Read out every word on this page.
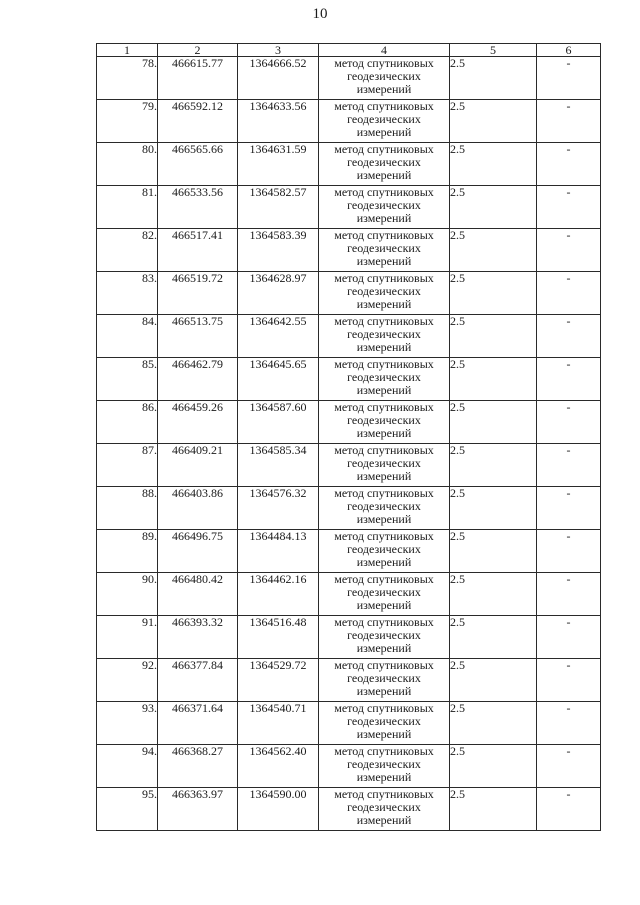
10
1	2	3	4	5	6
78.	466615.77	1364666.52	метод спутниковых геодезических измерений	2.5	-
79.	466592.12	1364633.56	метод спутниковых геодезических измерений	2.5	-
80.	466565.66	1364631.59	метод спутниковых геодезических измерений	2.5	-
81.	466533.56	1364582.57	метод спутниковых геодезических измерений	2.5	-
82.	466517.41	1364583.39	метод спутниковых геодезических измерений	2.5	-
83.	466519.72	1364628.97	метод спутниковых геодезических измерений	2.5	-
84.	466513.75	1364642.55	метод спутниковых геодезических измерений	2.5	-
85.	466462.79	1364645.65	метод спутниковых геодезических измерений	2.5	-
86.	466459.26	1364587.60	метод спутниковых геодезических измерений	2.5	-
87.	466409.21	1364585.34	метод спутниковых геодезических измерений	2.5	-
88.	466403.86	1364576.32	метод спутниковых геодезических измерений	2.5	-
89.	466496.75	1364484.13	метод спутниковых геодезических измерений	2.5	-
90.	466480.42	1364462.16	метод спутниковых геодезических измерений	2.5	-
91.	466393.32	1364516.48	метод спутниковых геодезических измерений	2.5	-
92.	466377.84	1364529.72	метод спутниковых геодезических измерений	2.5	-
93.	466371.64	1364540.71	метод спутниковых геодезических измерений	2.5	-
94.	466368.27	1364562.40	метод спутниковых геодезических измерений	2.5	-
95.	466363.97	1364590.00	метод спутниковых геодезических измерений	2.5	-
